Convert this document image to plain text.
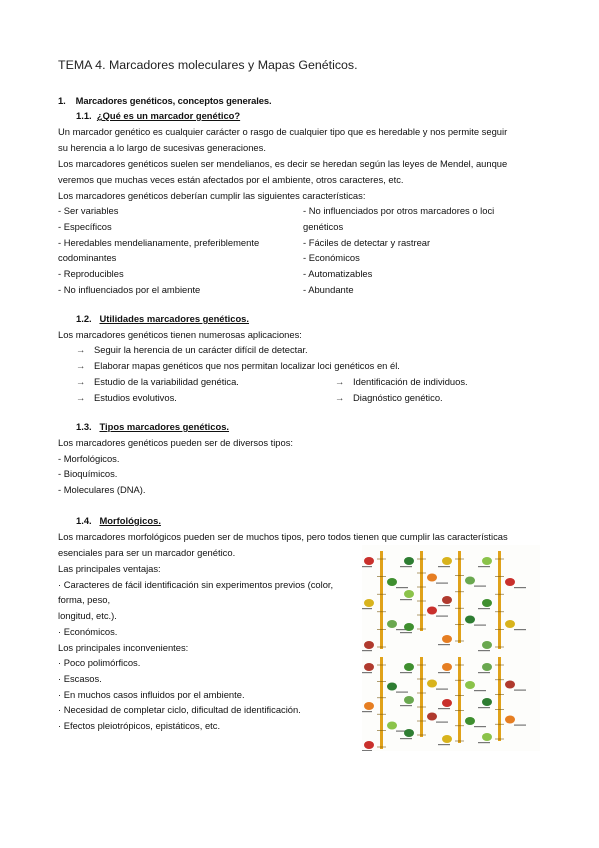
TEMA 4. Marcadores moleculares y Mapas Genéticos.
1. Marcadores genéticos, conceptos generales.
1.1. ¿Qué es un marcador genético?
Un marcador genético es cualquier carácter o rasgo de cualquier tipo que es heredable y nos permite seguir
su herencia a lo largo de sucesivas generaciones.
Los marcadores genéticos suelen ser mendelianos, es decir se heredan según las leyes de Mendel, aunque
veremos que muchas veces están afectados por el ambiente, otros caracteres, etc.
Los marcadores genéticos deberían cumplir las siguientes características:
- Ser variables
- Específicos
- Heredables mendelianamente, preferiblemente
codominantes
- Reproducibles
- No influenciados por el ambiente
- No influenciados por otros marcadores o loci
genéticos
- Fáciles de detectar y rastrear
- Económicos
- Automatizables
- Abundante
1.2. Utilidades marcadores genéticos.
Los marcadores genéticos tienen numerosas aplicaciones:
→ Seguir la herencia de un carácter difícil de detectar.
→ Elaborar mapas genéticos que nos permitan localizar loci genéticos en él.
→ Estudio de la variabilidad genética.
→ Estudios evolutivos.
→ Identificación de individuos.
→ Diagnóstico genético.
1.3. Tipos marcadores genéticos.
Los marcadores genéticos pueden ser de diversos tipos:
- Morfológicos.
- Bioquímicos.
- Moleculares (DNA).
1.4. Morfológicos.
Los marcadores morfológicos pueden ser de muchos tipos, pero todos tienen que cumplir las características
esenciales para ser un marcador genético.
Las principales ventajas:
· Caracteres de fácil identificación sin experimentos previos (color,
forma, peso,
longitud, etc.).
· Económicos.
Los principales inconvenientes:
· Poco polimórficos.
· Escasos.
· En muchos casos influidos por el ambiente.
· Necesidad de completar ciclo, dificultad de identificación.
· Efectos pleiotrópicos, epistáticos, etc.
